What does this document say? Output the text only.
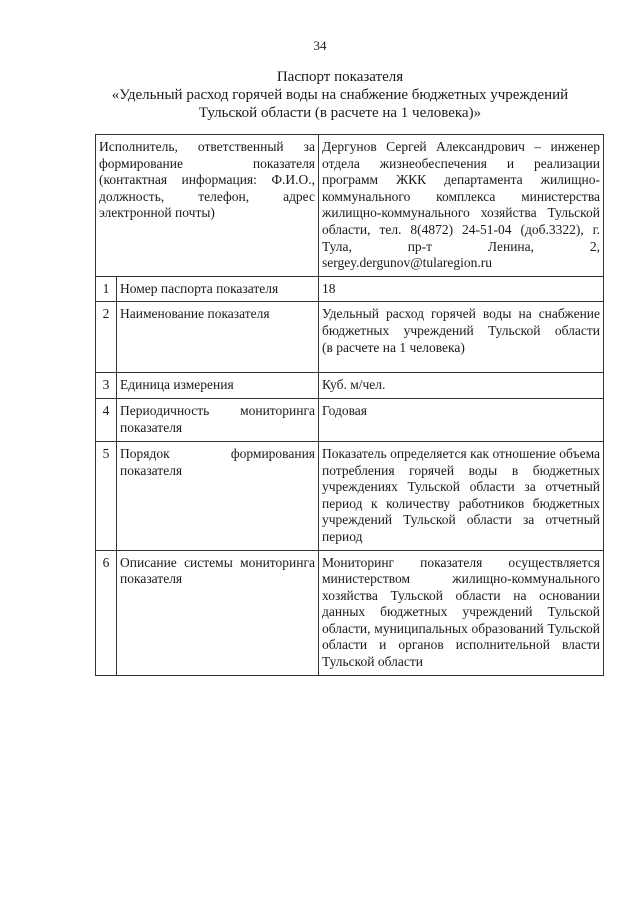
34
Паспорт показателя
«Удельный расход горячей воды на снабжение бюджетных учреждений
Тульской области (в расчете на 1 человека)»
Исполнитель, ответственный за формирование показателя (контактная информация: Ф.И.О., должность, телефон, адрес электронной почты)		Дергунов Сергей Александрович – инженер отдела жизнеобеспечения и реализации программ ЖКК департамента жилищно-коммунального комплекса министерства жилищно-коммунального хозяйства Тульской области, тел. 8(4872) 24-51-04 (доб.3322), г. Тула, пр-т Ленина, 2, sergey.dergunov@tularegion.ru
1	Номер паспорта показателя	18
2	Наименование показателя	Удельный расход горячей воды на снабжение бюджетных учреждений Тульской области
(в расчете на 1 человека)

3	Единица измерения	Куб. м/чел.
4	Периодичность мониторинга показателя	Годовая
5	Порядок формирования показателя	Показатель определяется как отношение объема потребления горячей воды в бюджетных учреждениях Тульской области за отчетный период к количеству работников бюджетных учреждений Тульской области за отчетный период
6	Описание системы мониторинга показателя	Мониторинг показателя осуществляется министерством жилищно-коммунального хозяйства Тульской области на основании данных бюджетных учреждений Тульской области, муниципальных образований Тульской области и органов исполнительной власти Тульской области
